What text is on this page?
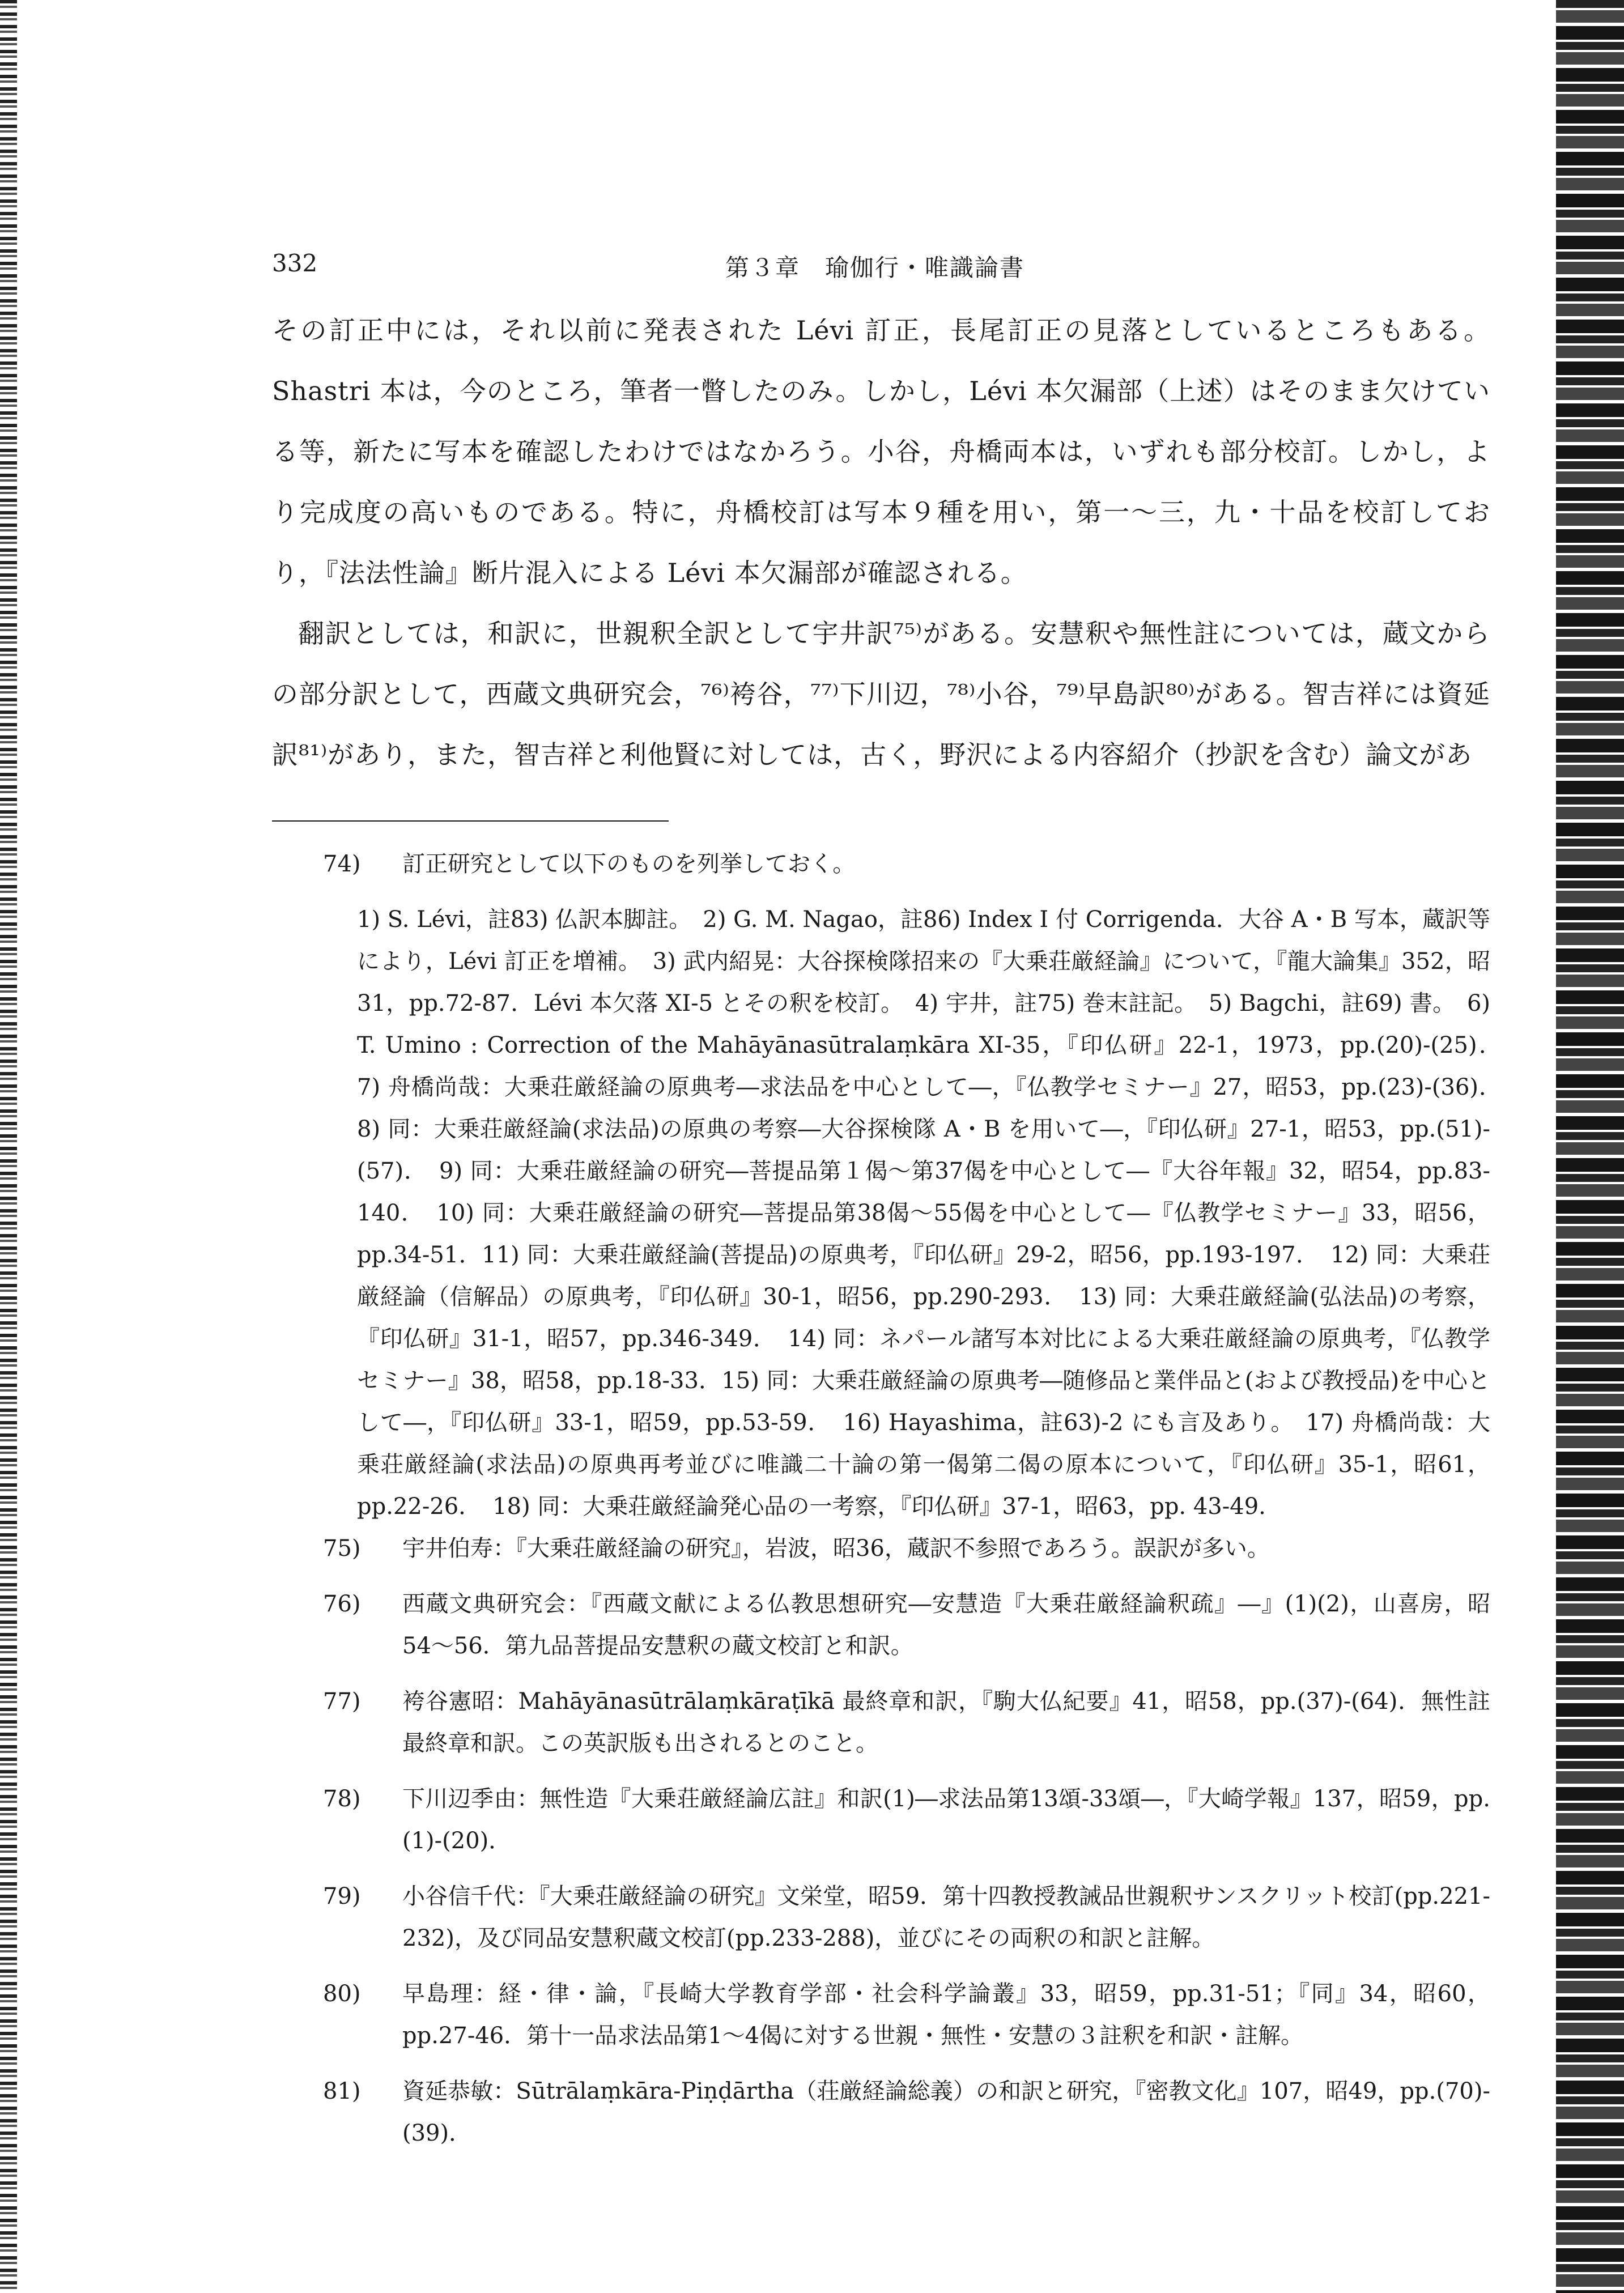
332	第３章　瑜伽行・唯識論書

その訂正中には，それ以前に発表された Lévi 訂正，長尾訂正の見落としているところもある。Shastri 本は，今のところ，筆者一瞥したのみ。しかし，Lévi 本欠漏部（上述）はそのまま欠けている等，新たに写本を確認したわけではなかろう。小谷，舟橋両本は，いずれも部分校訂。しかし，より完成度の高いものである。特に，舟橋校訂は写本９種を用い，第一〜三，九・十品を校訂しており，『法法性論』断片混入による Lévi 本欠漏部が確認される。

翻訳としては，和訳に，世親釈全訳として宇井訳⁷⁵⁾がある。安慧釈や無性註については，蔵文からの部分訳として，西蔵文典研究会，⁷⁶⁾袴谷，⁷⁷⁾下川辺，⁷⁸⁾小谷，⁷⁹⁾早島訳⁸⁰⁾がある。智吉祥には資延訳⁸¹⁾があり，また，智吉祥と利他賢に対しては，古く，野沢による内容紹介（抄訳を含む）論文があ

74)	訂正研究として以下のものを列挙しておく。
1) S. Lévi，註83) 仏訳本脚註。　2) G. M. Nagao，註86) Index I 付 Corrigenda．大谷 A・B 写本，蔵訳等により，Lévi 訂正を増補。　3) 武内紹晃：大谷探検隊招来の『大乗荘厳経論』について，『龍大論集』352，昭31，pp.72-87．Lévi 本欠落 XI-5 とその釈を校訂。　4) 宇井，註75) 巻末註記。　5) Bagchi，註69) 書。　6) T. Umino : Correction of the Mahāyānasūtralaṃkāra XI-35，『印仏研』22-1，1973，pp.(20)-(25)．　7) 舟橋尚哉：大乗荘厳経論の原典考―求法品を中心として―，『仏教学セミナー』27，昭53，pp.(23)-(36)．　8) 同：大乗荘厳経論(求法品)の原典の考察―大谷探検隊 A・B を用いて―，『印仏研』27-1，昭53，pp.(51)-(57)．　9) 同：大乗荘厳経論の研究―菩提品第１偈〜第37偈を中心として―『大谷年報』32，昭54，pp.83-140．　10) 同：大乗荘厳経論の研究―菩提品第38偈〜55偈を中心として―『仏教学セミナー』33，昭56，pp.34-51．11) 同：大乗荘厳経論(菩提品)の原典考，『印仏研』29-2，昭56，pp.193-197．　12) 同：大乗荘厳経論（信解品）の原典考，『印仏研』30-1，昭56，pp.290-293．　13) 同：大乗荘厳経論(弘法品)の考察，『印仏研』31-1，昭57，pp.346-349．　14) 同：ネパール諸写本対比による大乗荘厳経論の原典考，『仏教学セミナー』38，昭58，pp.18-33．15) 同：大乗荘厳経論の原典考―随修品と業伴品と(および教授品)を中心として―，『印仏研』33-1，昭59，pp.53-59．　16) Hayashima，註63)-2 にも言及あり。　17) 舟橋尚哉：大乗荘厳経論(求法品)の原典再考並びに唯識二十論の第一偈第二偈の原本について，『印仏研』35-1，昭61，pp.22-26．　18) 同：大乗荘厳経論発心品の一考察，『印仏研』37-1，昭63，pp. 43-49.
75)	宇井伯寿：『大乗荘厳経論の研究』，岩波，昭36，蔵訳不参照であろう。誤訳が多い。
76)	西蔵文典研究会：『西蔵文献による仏教思想研究―安慧造『大乗荘厳経論釈疏』―』(1)(2)，山喜房，昭54〜56．第九品菩提品安慧釈の蔵文校訂と和訳。
77)	袴谷憲昭：Mahāyānasūtrālaṃkāraṭīkā 最終章和訳，『駒大仏紀要』41，昭58，pp.(37)-(64)．無性註最終章和訳。この英訳版も出されるとのこと。
78)	下川辺季由：無性造『大乗荘厳経論広註』和訳(1)―求法品第13頌-33頌―，『大崎学報』137，昭59，pp.(1)-(20)．
79)	小谷信千代：『大乗荘厳経論の研究』文栄堂，昭59．第十四教授教誡品世親釈サンスクリット校訂(pp.221-232)，及び同品安慧釈蔵文校訂(pp.233-288)，並びにその両釈の和訳と註解。
80)	早島理：経・律・論，『長崎大学教育学部・社会科学論叢』33，昭59，pp.31-51；『同』34，昭60，pp.27-46．第十一品求法品第1〜4偈に対する世親・無性・安慧の３註釈を和訳・註解。
81)	資延恭敏：Sūtrālaṃkāra-Piṇḍārtha（荘厳経論総義）の和訳と研究，『密教文化』107，昭49，pp.(70)-(39)．
